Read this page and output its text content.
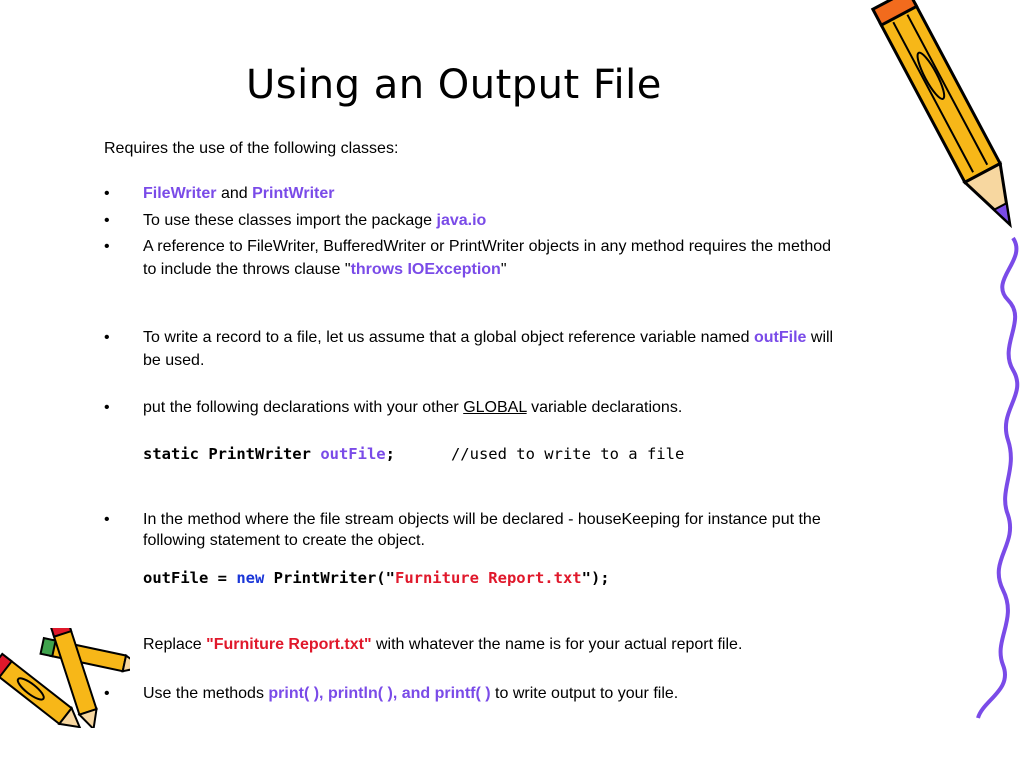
Using an Output File
Requires the use of the following classes:
• FileWriter and PrintWriter
• To use these classes import the package java.io
• A reference to FileWriter, BufferedWriter or PrintWriter objects in any method requires the method
to include the throws clause "throws IOException"
• To write a record to a file, let us assume that a global object reference variable named outFile will
be used.
• put the following declarations with your other GLOBAL variable declarations.
static PrintWriter outFile;      //used to write to a file
• In the method where the file stream objects will be declared - houseKeeping for instance put the
following statement to create the object.
outFile = new PrintWriter("Furniture Report.txt");
Replace "Furniture Report.txt" with whatever the name is for your actual report file.
• Use the methods print( ), println( ), and printf( ) to write output to your file.
